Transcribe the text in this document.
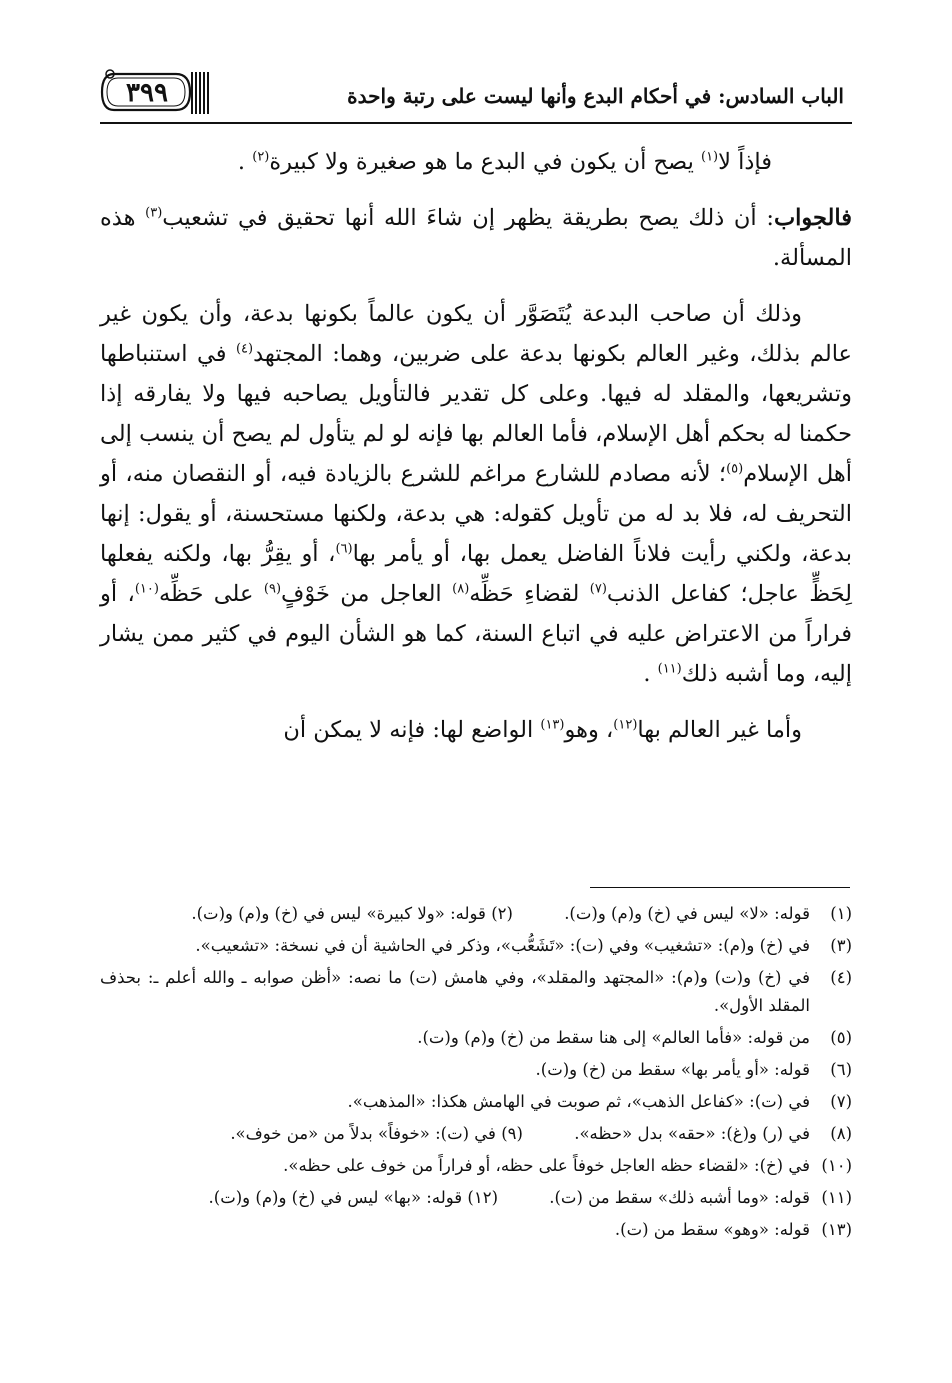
٣٩٩	الباب السادس: في أحكام البدع وأنها ليست على رتبة واحدة

فإذاً لا$^{(١)}$ يصح أن يكون في البدع ما هو صغيرة ولا كبيرة$^{(٢)}$ .

فالجواب: أن ذلك يصح بطريقة يظهر إن شاءَ الله أنها تحقيق في تشعيب$^{(٣)}$ هذه المسألة.

وذلك أن صاحب البدعة يُتَصَوَّر أن يكون عالماً بكونها بدعة، وأن يكون غير عالم بذلك، وغير العالم بكونها بدعة على ضربين، وهما: المجتهد$^{(٤)}$ في استنباطها وتشريعها، والمقلد له فيها. وعلى كل تقدير فالتأويل يصاحبه فيها ولا يفارقه إذا حكمنا له بحكم أهل الإسلام، فأما العالم بها فإنه لو لم يتأول لم يصح أن ينسب إلى أهل الإسلام$^{(٥)}$؛ لأنه مصادم للشارع مراغم للشرع بالزيادة فيه، أو النقصان منه، أو التحريف له، فلا بد له من تأويل كقوله: هي بدعة، ولكنها مستحسنة، أو يقول: إنها بدعة، ولكني رأيت فلاناً الفاضل يعمل بها، أو يأمر بها$^{(٦)}$، أو يقِرُّ بها، ولكنه يفعلها لِحَظٍّ عاجل؛ كفاعل الذنب$^{(٧)}$ لقضاءِ حَظِّه$^{(٨)}$ العاجل من خَوْفٍ$^{(٩)}$ على حَظِّه$^{(١٠)}$، أو فراراً من الاعتراض عليه في اتباع السنة، كما هو الشأن اليوم في كثير ممن يشار إليه، وما أشبه ذلك$^{(١١)}$ .

وأما غير العالم بها$^{(١٢)}$، وهو$^{(١٣)}$ الواضع لها: فإنه لا يمكن أن

(١)
قوله: «لا» ليس في (خ) و(م) و(ت). (٢) قوله: «ولا كبيرة» ليس في (خ) و(م) و(ت).
(٣)
في (خ) و(م): «تشغيب» وفي (ت): «تَشَعُّب»، وذكر في الحاشية أن في نسخة: «تشعيب».
(٤)
في (خ) و(ت) و(م): «المجتهد والمقلد»، وفي هامش (ت) ما نصه: «أظن صوابه ـ والله أعلم ـ: بحذف المقلد الأول».
(٥)
من قوله: «فأما العالم» إلى هنا سقط من (خ) و(م) و(ت).
(٦)
قوله: «أو يأمر بها» سقط من (خ) و(ت).
(٧)
في (ت): «كفاعل الذهب»، ثم صوبت في الهامش هكذا: «المذهب».
(٨)
في (ر) و(غ): «حقه» بدل «حظه». (٩) في (ت): «خوفاً» بدلاً من «من خوف».
(١٠)
في (خ): «لقضاء حظه العاجل خوفاً على حظه، أو فراراً من خوف على حظه».
(١١)
قوله: «وما أشبه ذلك» سقط من (ت). (١٢) قوله: «بها» ليس في (خ) و(م) و(ت).
(١٣)
قوله: «وهو» سقط من (ت).
